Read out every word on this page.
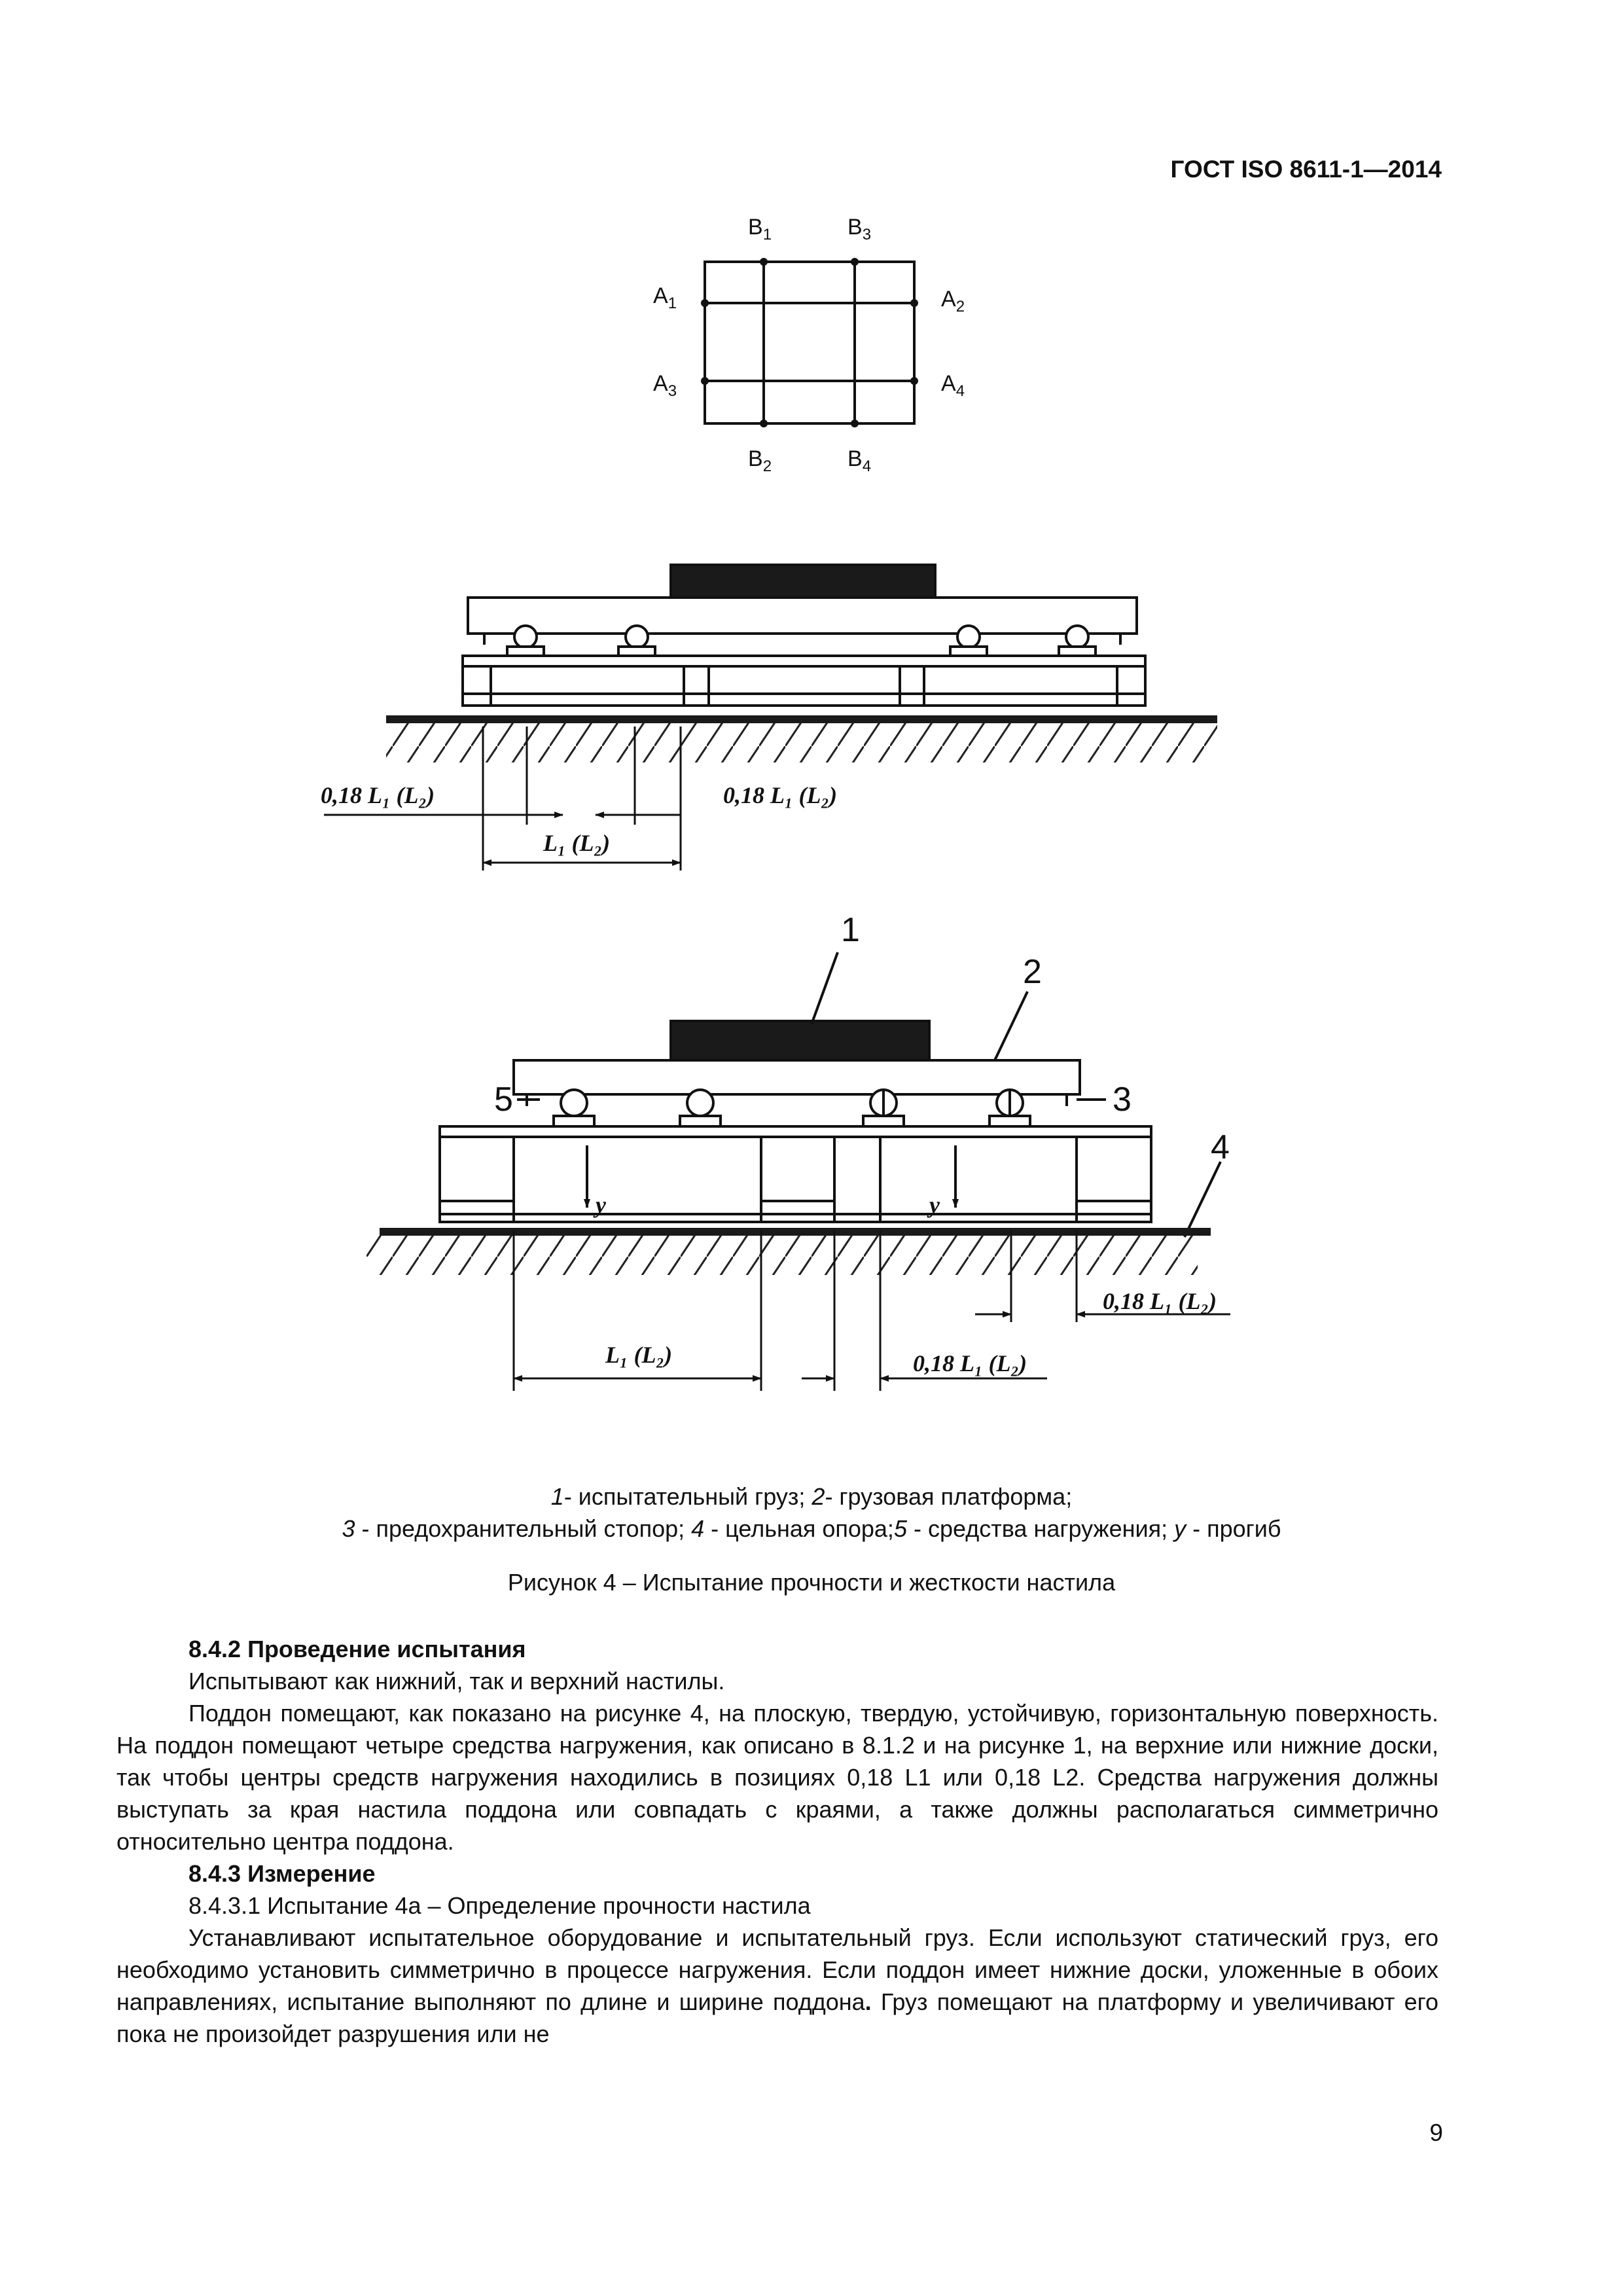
ГОСТ ISO 8611-1—2014
$B_1$	$B_3$
$A_1$	$A_2$
$A_3$	$A_4$
$B_2$	$B_4$
0,18 L₁ (L₂)	0,18 L₁ (L₂)
L₁ (L₂)
y	y
L₁ (L₂)	0,18 L₁ (L₂)
0,18 L₁ (L₂)
1
2
3
4
5
1- испытательный груз; 2- грузовая платформа;
3 - предохранительный стопор; 4 - цельная опора;5 - средства нагружения; у - прогиб
Рисунок 4 – Испытание прочности и жесткости настила
8.4.2 Проведение испытания
Испытывают как нижний, так и верхний настилы.
Поддон помещают, как показано на рисунке 4, на плоскую, твердую, устойчивую, горизонтальную поверхность. На поддон помещают четыре средства нагружения, как описано в 8.1.2 и на рисунке 1, на верхние или нижние доски, так чтобы центры средств нагружения находились в позициях 0,18 L1 или 0,18 L2. Средства нагружения должны выступать за края настила поддона или совпадать с краями, а также должны располагаться симметрично относительно центра поддона.
8.4.3 Измерение
8.4.3.1 Испытание 4а – Определение прочности настила
Устанавливают испытательное оборудование и испытательный груз. Если используют статический груз, его необходимо установить симметрично в процессе нагружения. Если поддон имеет нижние доски, уложенные в обоих направлениях, испытание выполняют по длине и ширине поддона. Груз помещают на платформу и увеличивают его пока не произойдет разрушения или не
9
